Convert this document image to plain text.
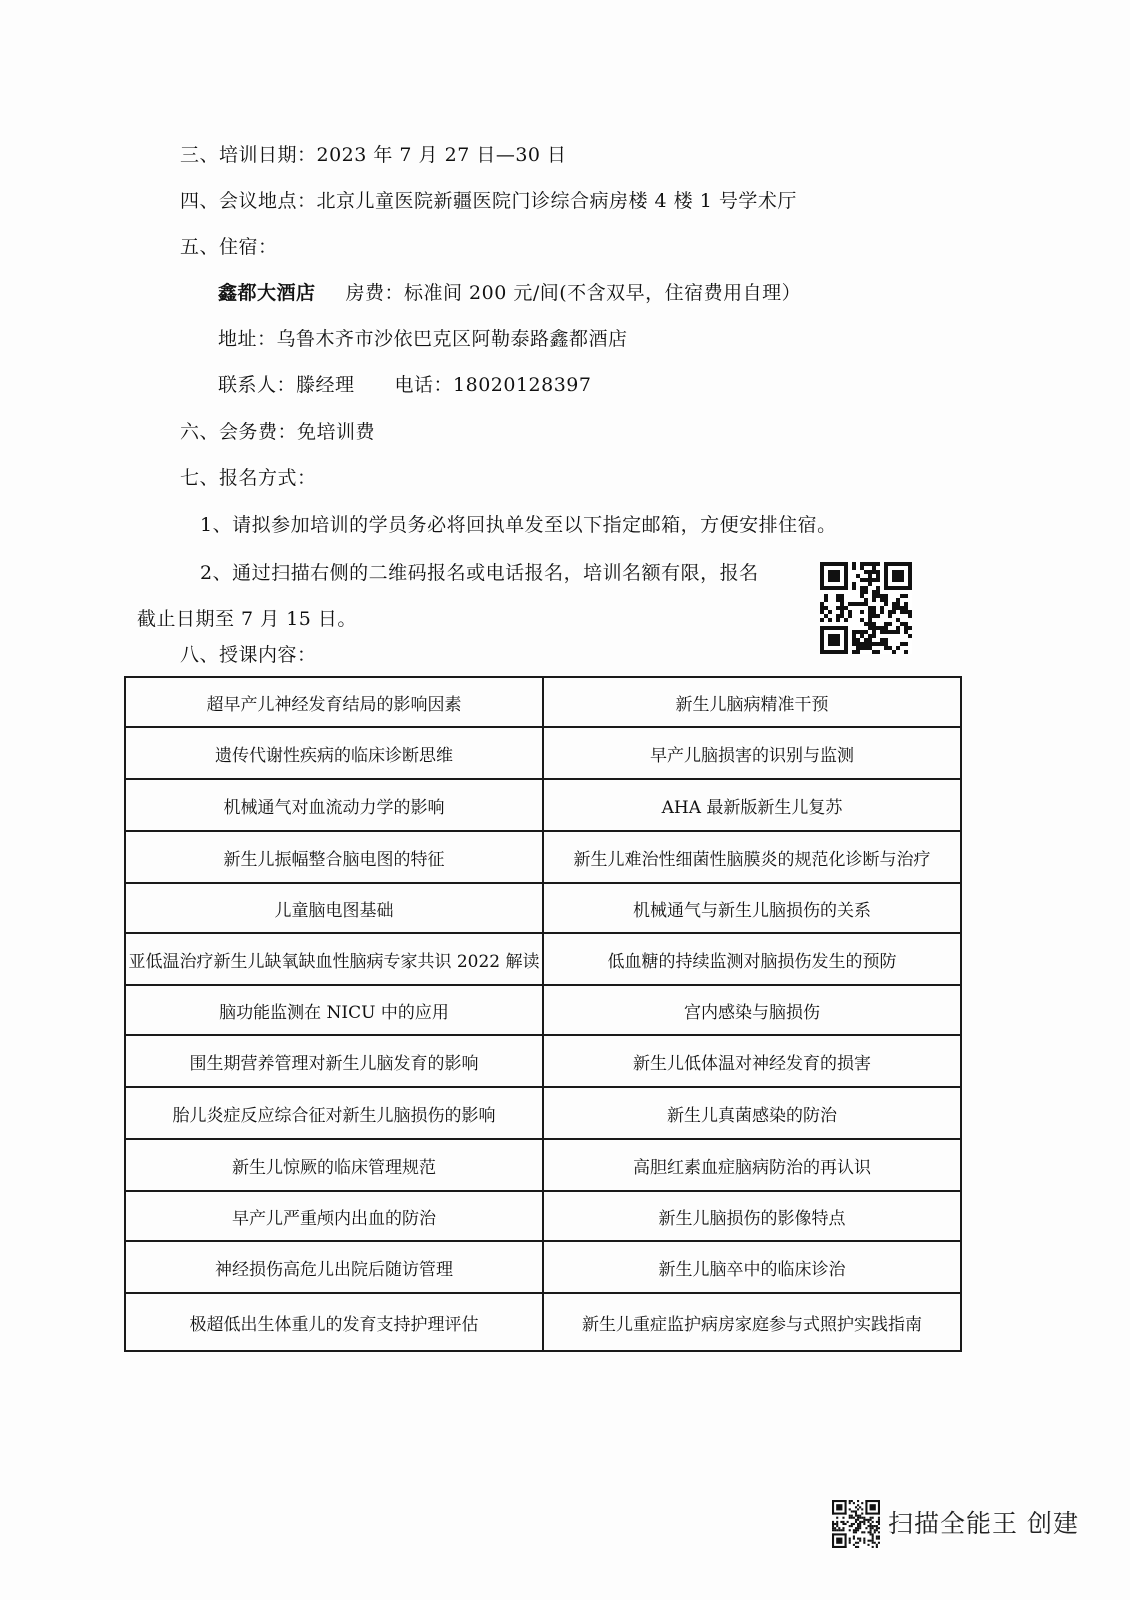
三、培训日期：2023 年 7 月 27 日—30 日
四、会议地点：北京儿童医院新疆医院门诊综合病房楼 4 楼 1 号学术厅
五、住宿：
鑫都大酒店 房费：标准间 200 元/间(不含双早，住宿费用自理）
地址：乌鲁木齐市沙依巴克区阿勒泰路鑫都酒店
联系人：滕经理 电话：18020128397
六、会务费：免培训费
七、报名方式：
1、请拟参加培训的学员务必将回执单发至以下指定邮箱，方便安排住宿。
2、通过扫描右侧的二维码报名或电话报名，培训名额有限，报名
截止日期至 7 月 15 日。
八、授课内容：
超早产儿神经发育结局的影响因素	新生儿脑病精准干预
遗传代谢性疾病的临床诊断思维	早产儿脑损害的识别与监测
机械通气对血流动力学的影响	AHA 最新版新生儿复苏
新生儿振幅整合脑电图的特征	新生儿难治性细菌性脑膜炎的规范化诊断与治疗
儿童脑电图基础	机械通气与新生儿脑损伤的关系
亚低温治疗新生儿缺氧缺血性脑病专家共识 2022 解读	低血糖的持续监测对脑损伤发生的预防
脑功能监测在 NICU 中的应用	宫内感染与脑损伤
围生期营养管理对新生儿脑发育的影响	新生儿低体温对神经发育的损害
胎儿炎症反应综合征对新生儿脑损伤的影响	新生儿真菌感染的防治
新生儿惊厥的临床管理规范	高胆红素血症脑病防治的再认识
早产儿严重颅内出血的防治	新生儿脑损伤的影像特点
神经损伤高危儿出院后随访管理	新生儿脑卒中的临床诊治
极超低出生体重儿的发育支持护理评估	新生儿重症监护病房家庭参与式照护实践指南
扫描全能王 创建
